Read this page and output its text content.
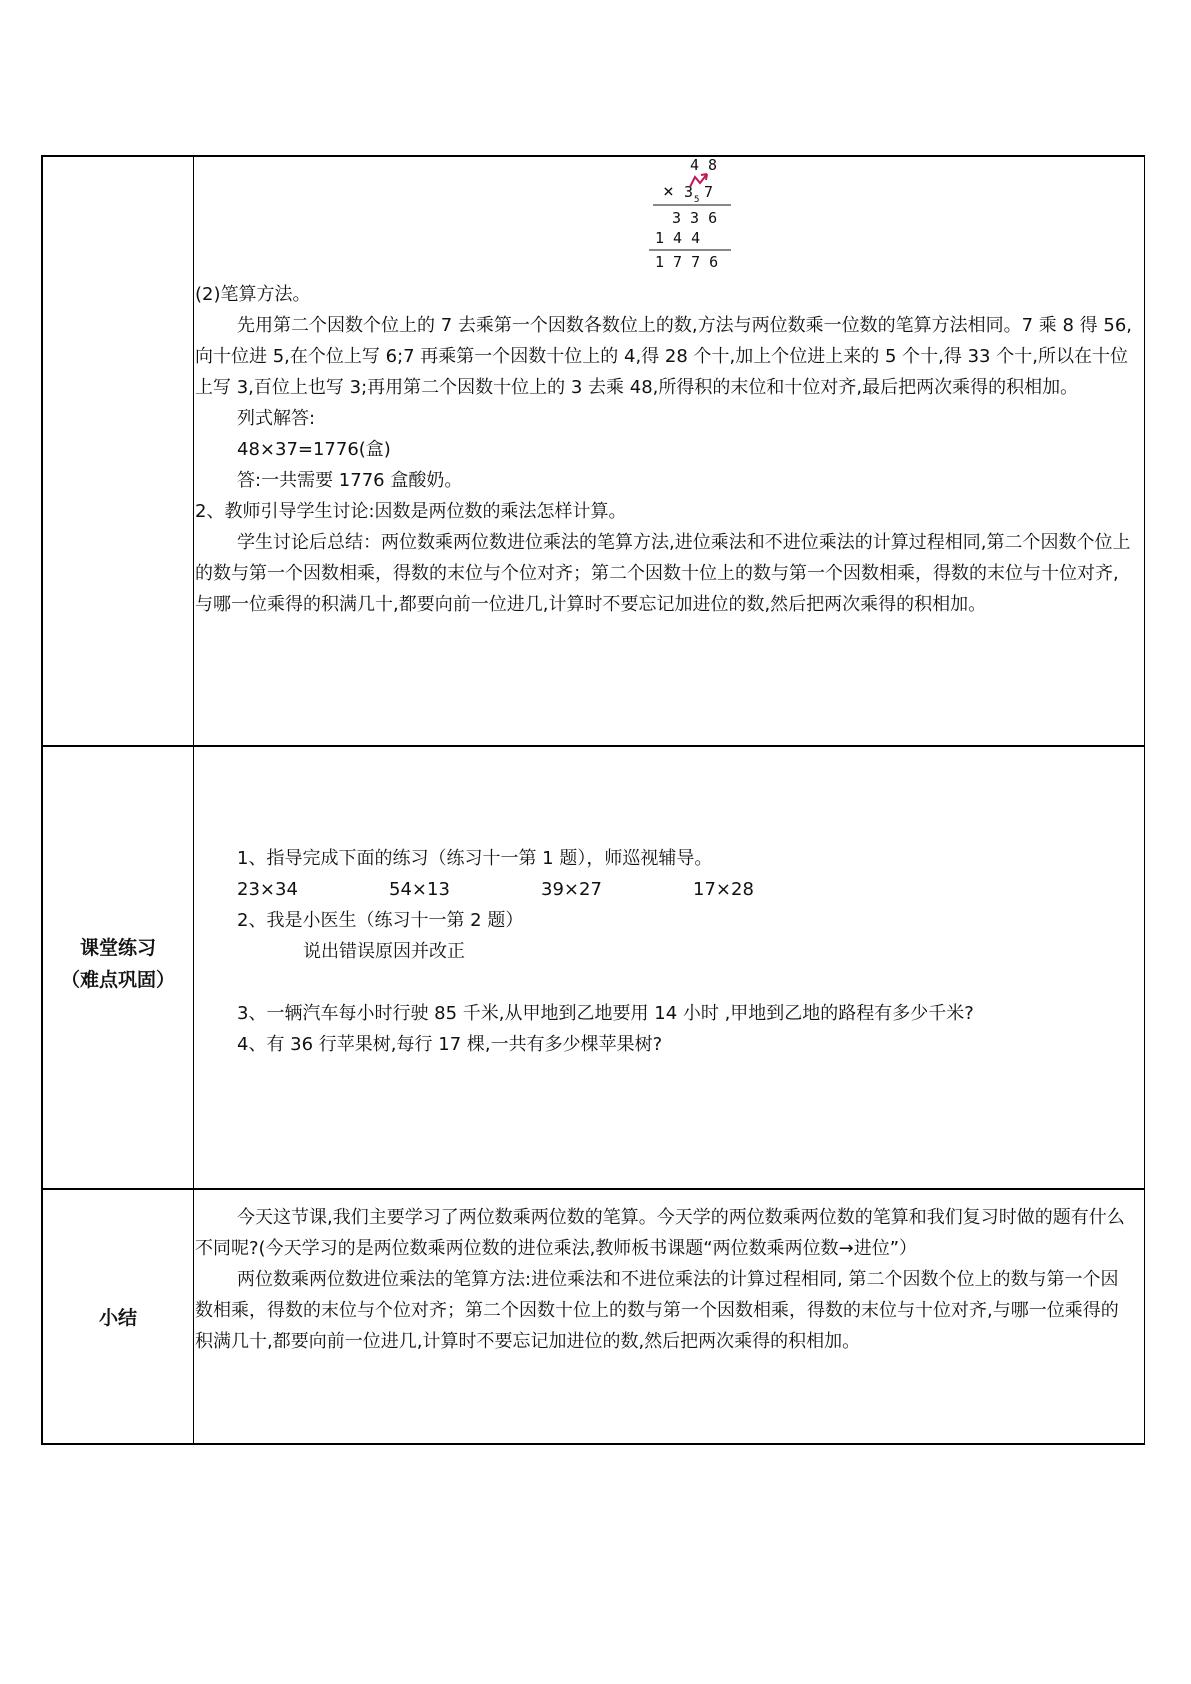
4 8
× 3 5 7
3 3 6
1 4 4
1 7 7 6

(2)笔算方法。

先用第二个因数个位上的 7 去乘第一个因数各数位上的数,方法与两位数乘一位数的笔算方法相同。7 乘 8 得 56,向十位进 5,在个位上写 6;7 再乘第一个因数十位上的 4,得 28 个十,加上个位进上来的 5 个十,得 33 个十,所以在十位上写 3,百位上也写 3;再用第二个因数十位上的 3 去乘 48,所得积的末位和十位对齐,最后把两次乘得的积相加。

列式解答:

48×37=1776(盒)

答:一共需要 1776 盒酸奶。

2、教师引导学生讨论:因数是两位数的乘法怎样计算。

学生讨论后总结：两位数乘两位数进位乘法的笔算方法,进位乘法和不进位乘法的计算过程相同,第二个因数个位上的数与第一个因数相乘，得数的末位与个位对齐；第二个因数十位上的数与第一个因数相乘，得数的末位与十位对齐,与哪一位乘得的积满几十,都要向前一位进几,计算时不要忘记加进位的数,然后把两次乘得的积相加。

课堂练习
（难点巩固）

1、指导完成下面的练习（练习十一第 1 题），师巡视辅导。

23×34	54×13	39×27	17×28

2、我是小医生（练习十一第 2 题）

说出错误原因并改正

3、一辆汽车每小时行驶 85 千米,从甲地到乙地要用 14 小时 ,甲地到乙地的路程有多少千米?

4、有 36 行苹果树,每行 17 棵,一共有多少棵苹果树?

小结

今天这节课,我们主要学习了两位数乘两位数的笔算。今天学的两位数乘两位数的笔算和我们复习时做的题有什么不同呢?(今天学习的是两位数乘两位数的进位乘法,教师板书课题“两位数乘两位数→进位”）

两位数乘两位数进位乘法的笔算方法:进位乘法和不进位乘法的计算过程相同, 第二个因数个位上的数与第一个因数相乘，得数的末位与个位对齐；第二个因数十位上的数与第一个因数相乘，得数的末位与十位对齐,与哪一位乘得的积满几十,都要向前一位进几,计算时不要忘记加进位的数,然后把两次乘得的积相加。
